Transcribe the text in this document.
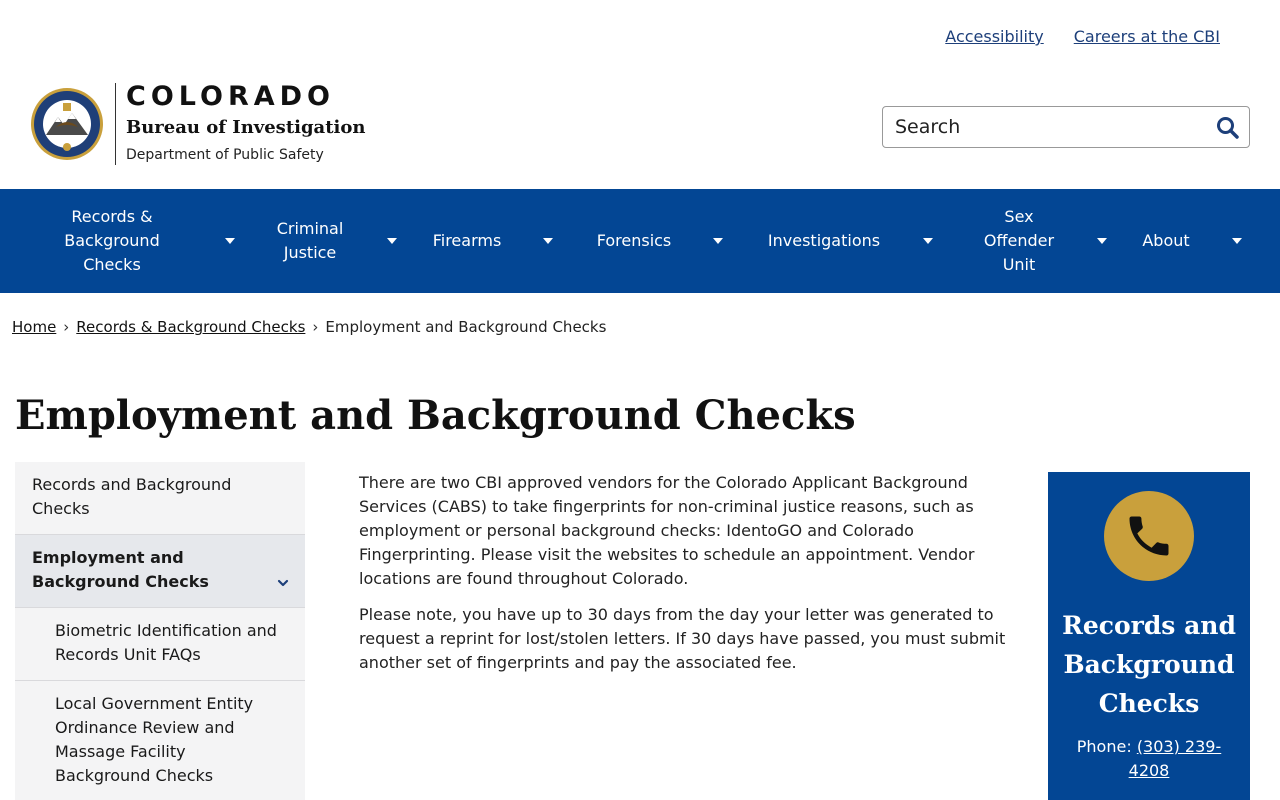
Accessibility Careers at the CBI
COLORADO
Bureau of Investigation
Department of Public Safety
Search
Records & Background Checks
Criminal Justice
Firearms	Forensics	Investigations
Sex Offender Unit
About
Home › Records & Background Checks › Employment and Background Checks
Employment and Background Checks
Records and Background Checks
Employment and Background Checks
Biometric Identification and Records Unit FAQs
Local Government Entity Ordinance Review and Massage Facility Background Checks

There are two CBI approved vendors for the Colorado Applicant Background Services (CABS) to take fingerprints for non-criminal justice reasons, such as employment or personal background checks: IdentoGO and Colorado Fingerprinting. Please visit the websites to schedule an appointment. Vendor locations are found throughout Colorado.

Please note, you have up to 30 days from the day your letter was generated to request a reprint for lost/stolen letters. If 30 days have passed, you must submit another set of fingerprints and pay the associated fee.

Records and Background Checks
Phone: (303) 239-4208
